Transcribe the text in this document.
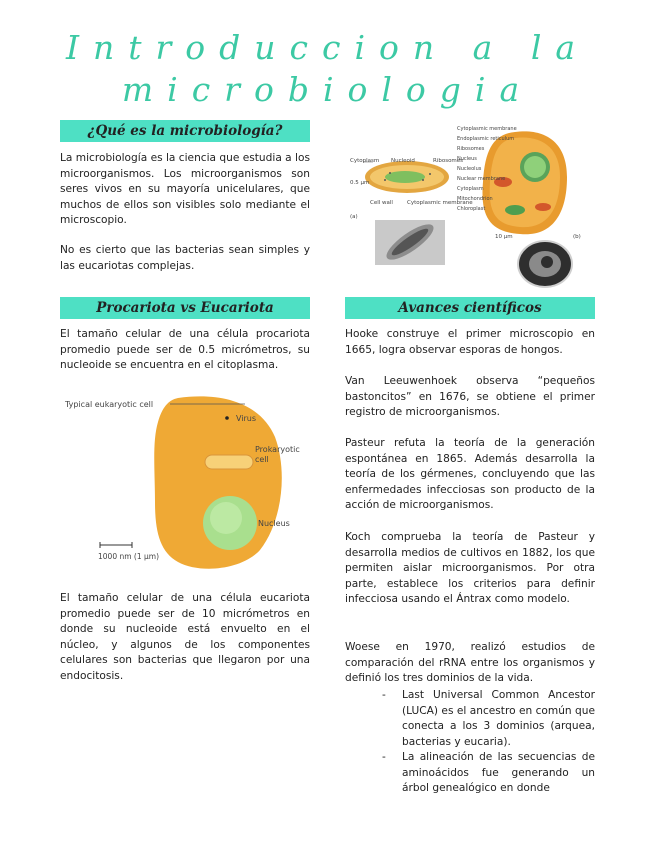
Introduccion a la
microbiologia
¿Qué es la microbiología?

La microbiología es la ciencia que estudia a los microorganismos. Los microorganismos son seres vivos en su mayoría unicelulares, que muchos de ellos son visibles solo mediante el microscopio.

No es cierto que las bacterias sean simples y las eucariotas complejas.

Cytoplasm Nucleoid	Ribosomes
0.5 μm
Cell wall	Cytoplasmic membrane
(a)
10 μm	(b)
Cytoplasmic membrane
Endoplasmic reticulum
Ribosomes
Nucleus
Nucleolus
Nuclear membrane
Cytoplasm
Mitochondrion
Chloroplast
Procariota vs Eucariota

El tamaño celular de una célula procariota promedio puede ser de 0.5 micrómetros, su nucleoide se encuentra en el citoplasma.

Typical eukaryotic cell
Virus
Prokaryotic
cell
Nucleus
1000 nm (1 μm)

El tamaño celular de una célula eucariota promedio puede ser de 10 micrómetros en donde su nucleoide está envuelto en el núcleo, y algunos de los componentes celulares son bacterias que llegaron por una endocitosis.

Avances científicos

Hooke construye el primer microscopio en 1665, logra observar esporas de hongos.

Van Leeuwenhoek observa “pequeños bastoncitos” en 1676, se obtiene el primer registro de microorganismos.

Pasteur refuta la teoría de la generación espontánea en 1865. Además desarrolla la teoría de los gérmenes, concluyendo que las enfermedades infecciosas son producto de la acción de microorganismos.

Koch comprueba la teoría de Pasteur y desarrolla medios de cultivos en 1882, los que permiten aislar microorganismos. Por otra parte, establece los criterios para definir infecciosa usando el Ántrax como modelo.

Woese en 1970, realizó estudios de comparación del rRNA entre los organismos y definió los tres dominios de la vida.

- Last Universal Common Ancestor (LUCA) es el ancestro en común que conecta a los 3 dominios (arquea, bacterias y eucaria).
- La alineación de las secuencias de aminoácidos fue generando un árbol genealógico en donde
